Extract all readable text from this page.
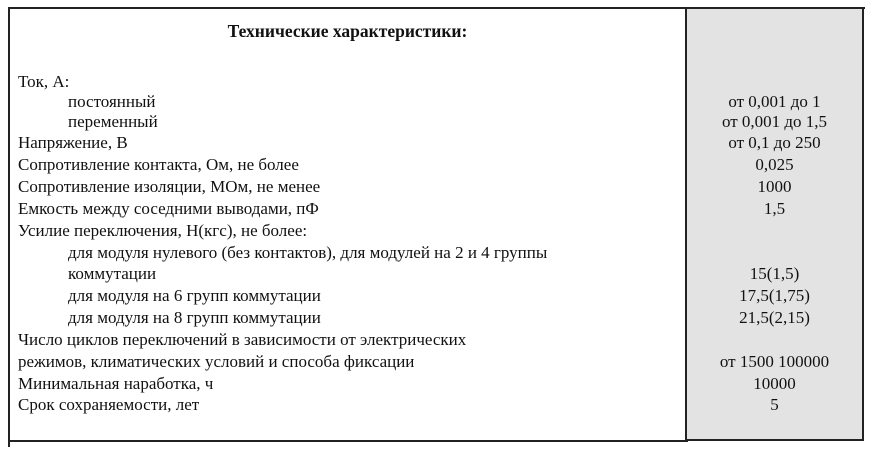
Технические характеристики:
Ток, А:
постоянный	от 0,001 до 1
переменный	от 0,001 до 1,5
Напряжение, В	от 0,1 до 250
Сопротивление контакта, Ом, не более	0,025
Сопротивление изоляции, МОм, не менее	1000
Емкость между соседними выводами, пФ	1,5
Усилие переключения, Н(кгс), не более:
для модуля нулевого (без контактов), для модулей на 2 и 4 группы
коммутации	15(1,5)
для модуля на 6 групп коммутации	17,5(1,75)
для модуля на 8 групп коммутации	21,5(2,15)
Число циклов переключений в зависимости от электрических
режимов, климатических условий и способа фиксации	от 1500 100000
Минимальная наработка, ч	10000
Срок сохраняемости, лет	5
